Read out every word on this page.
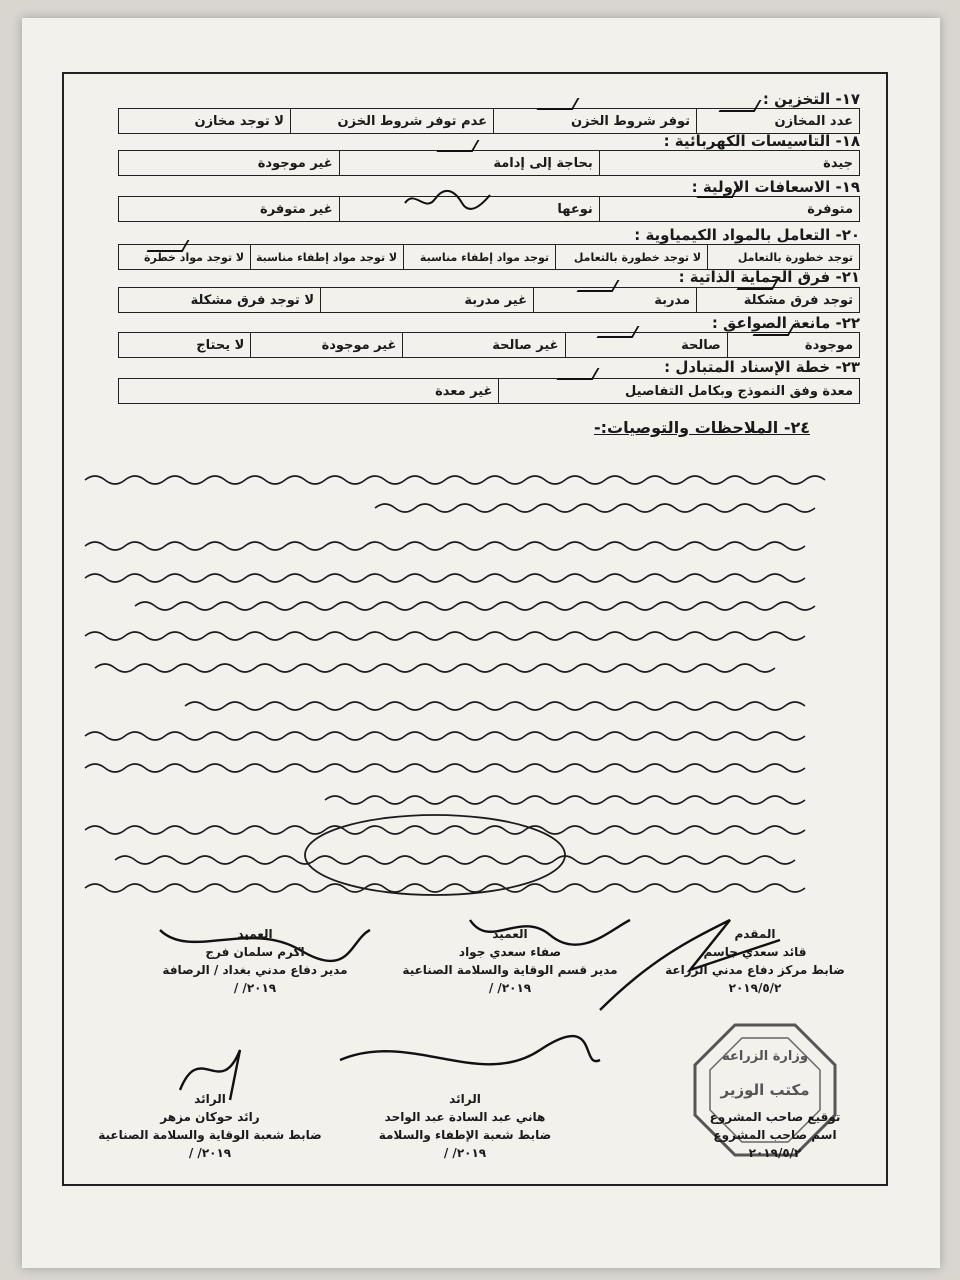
١٧- التخزين :
عدد المخازن
توفر شروط الخزن
عدم توفر شروط الخزن
لا توجد مخازن
١٨- التاسيسات الكهربائية :
جيدة
بحاجة إلى إدامة
غير موجودة
١٩- الاسعافات الاولية :
متوفرة
نوعها
غير متوفرة
٢٠- التعامل بالمواد الكيمياوية :
توجد خطورة بالتعامل
لا توجد خطورة بالتعامل
توجد مواد إطفاء مناسبة
لا توجد مواد إطفاء مناسبة
لا توجد مواد خطرة
٢١- فرق الحماية الذاتية :
توجد فرق مشكلة
مدربة
غير مدربة
لا توجد فرق مشكلة
٢٢- مانعة الصواعق :
موجودة
صالحة
غير صالحة
غير موجودة
لا يحتاج
٢٣- خطة الإسناد المتبادل :
معدة وفق النموذج وبكامل التفاصيل
غير معدة
٢٤- الملاحظات والتوصيات:-
العميد
اكرم سلمان فرج
مدير دفاع مدني بغداد / الرصافة
٢٠١٩/ /
العميد
صفاء سعدي جواد
مدير قسم الوقاية والسلامة الصناعية
٢٠١٩/ /
المقدم
قائد سعدي جاسم
ضابط مركز دفاع مدني الزراعة
٢٠١٩/٥/٢
الرائد
رائد حوكان مزهر
ضابط شعبة الوقاية والسلامة الصناعية
٢٠١٩/ /
الرائد
هاني عبد السادة عبد الواحد
ضابط شعبة الإطفاء والسلامة
٢٠١٩/ /
وزارة الزراعة
مكتب الوزير
توقيع صاحب المشروع
اسم صاحب المشروع
٢٠١٩/٥/٢
